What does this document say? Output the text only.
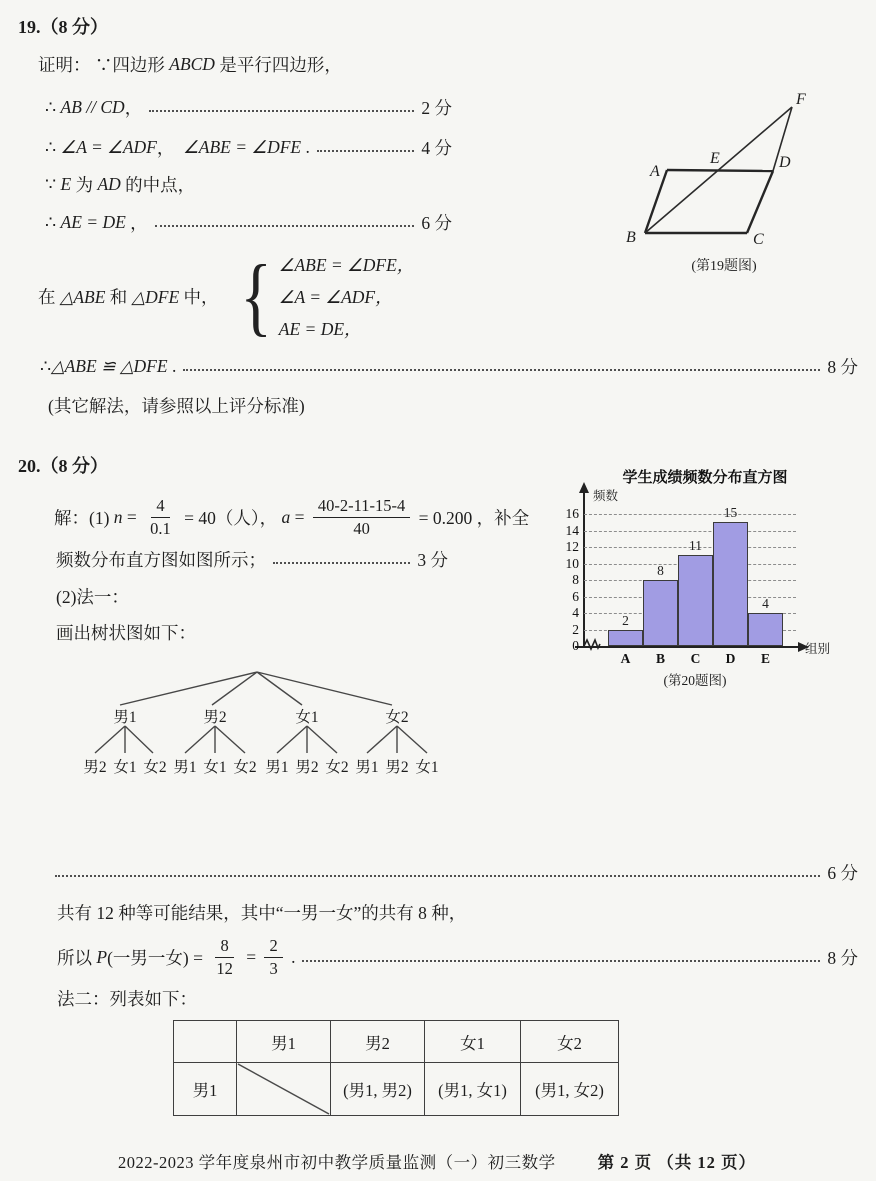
19.（8 分）
证明： ∵四边形 ABCD 是平行四边形，
∴ AB // CD ，	2 分
∴ ∠A = ∠ADF ， ∠ABE = ∠DFE .	4 分
∵ E 为 AD 的中点，
∴ AE = DE ，	6 分
在 △ABE 和 △DFE 中，
{
∠ABE = ∠DFE，
∠A = ∠ADF，
AE = DE，
∴ △ABE ≌ △DFE .	8 分
(其它解法，请参照以上评分标准)
A
B	C
D
E
F
(第19题图)
20.（8 分）
解：(1) $n = \frac{4}{0.1} = 40$（人）， $a = \frac{40-2-11-15-4}{40} = 0.200$ ，补全
频数分布直方图如图所示；	3 分
(2)法一：
画出树状图如下：
男1	男2	女1	女2
男2 女1 女2 男1 女1 女2 男1 男2 女2 男1 男2 女1
学生成绩频数分布直方图
频数
组别
0
2
4
6
8
10
12
14
16
2
A
8
B
11
C
15
D
4
E
(第20题图)
6 分
共有 12 种等可能结果，其中“一男一女”的共有 8 种，
所以 P (一男一女) = $\frac{8}{12} = \frac{2}{3}$ .	8 分
法二：列表如下：
	男1	男2	女1	女2
男1		(男1, 男2)	(男1, 女1)	(男1, 女2)
2022-2023 学年度泉州市初中教学质量监测（一）初三数学	第 2 页 （共 12 页）
